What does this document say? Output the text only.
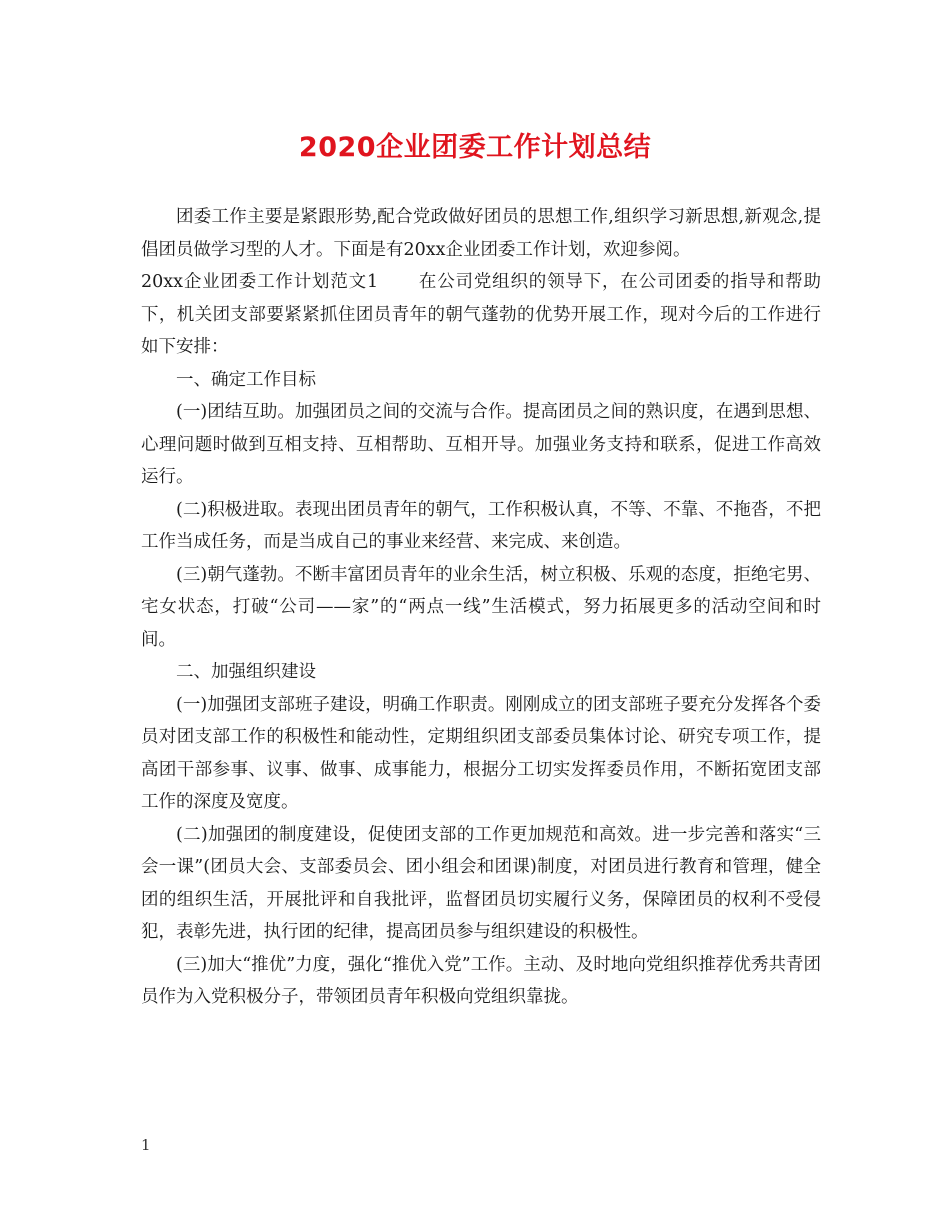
2020企业团委工作计划总结

团委工作主要是紧跟形势,配合党政做好团员的思想工作,组织学习新思想,新观念,提倡团员做学习型的人才。下面是有20xx企业团委工作计划，欢迎参阅。

20xx企业团委工作计划范文1 在公司党组织的领导下，在公司团委的指导和帮助下，机关团支部要紧紧抓住团员青年的朝气蓬勃的优势开展工作，现对今后的工作进行如下安排：

一、确定工作目标

(一)团结互助。加强团员之间的交流与合作。提高团员之间的熟识度，在遇到思想、心理问题时做到互相支持、互相帮助、互相开导。加强业务支持和联系，促进工作高效运行。

(二)积极进取。表现出团员青年的朝气，工作积极认真，不等、不靠、不拖沓，不把工作当成任务，而是当成自己的事业来经营、来完成、来创造。

(三)朝气蓬勃。不断丰富团员青年的业余生活，树立积极、乐观的态度，拒绝宅男、宅女状态，打破“公司——家”的“两点一线”生活模式，努力拓展更多的活动空间和时间。

二、加强组织建设

(一)加强团支部班子建设，明确工作职责。刚刚成立的团支部班子要充分发挥各个委员对团支部工作的积极性和能动性，定期组织团支部委员集体讨论、研究专项工作，提高团干部参事、议事、做事、成事能力，根据分工切实发挥委员作用，不断拓宽团支部工作的深度及宽度。

(二)加强团的制度建设，促使团支部的工作更加规范和高效。进一步完善和落实“三会一课”(团员大会、支部委员会、团小组会和团课)制度，对团员进行教育和管理，健全团的组织生活，开展批评和自我批评，监督团员切实履行义务，保障团员的权利不受侵犯，表彰先进，执行团的纪律，提高团员参与组织建设的积极性。

(三)加大“推优”力度，强化“推优入党”工作。主动、及时地向党组织推荐优秀共青团员作为入党积极分子，带领团员青年积极向党组织靠拢。

1
